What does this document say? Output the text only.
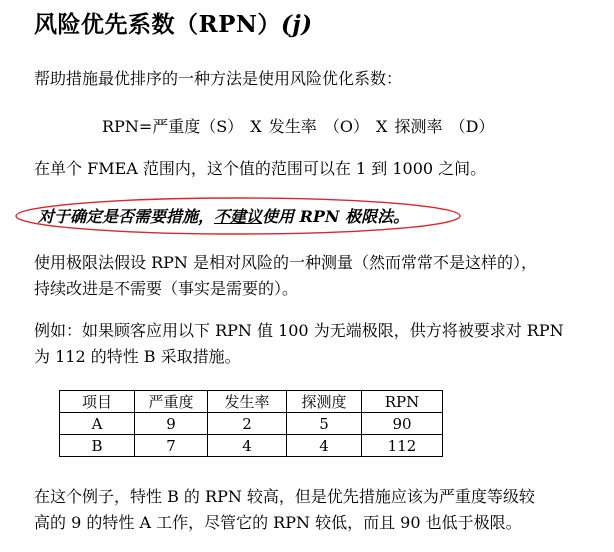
风险优先系数（RPN）(j)
帮助措施最优排序的一种方法是使用风险优化系数：
RPN=严重度（S） X 发生率 （O） X 探测率 （D）
在单个 FMEA 范围内，这个值的范围可以在 1 到 1000 之间。
对于确定是否需要措施，不建议使用 RPN 极限法。
使用极限法假设 RPN 是相对风险的一种测量（然而常常不是这样的），
持续改进是不需要（事实是需要的）。
例如：如果顾客应用以下 RPN 值 100 为无端极限，供方将被要求对 RPN
为 112 的特性 B 采取措施。
项目	严重度	发生率	探测度	RPN
A	9	2	5	90
B	7	4	4	112
在这个例子，特性 B 的 RPN 较高，但是优先措施应该为严重度等级较
高的 9 的特性 A 工作，尽管它的 RPN 较低，而且 90 也低于极限。
